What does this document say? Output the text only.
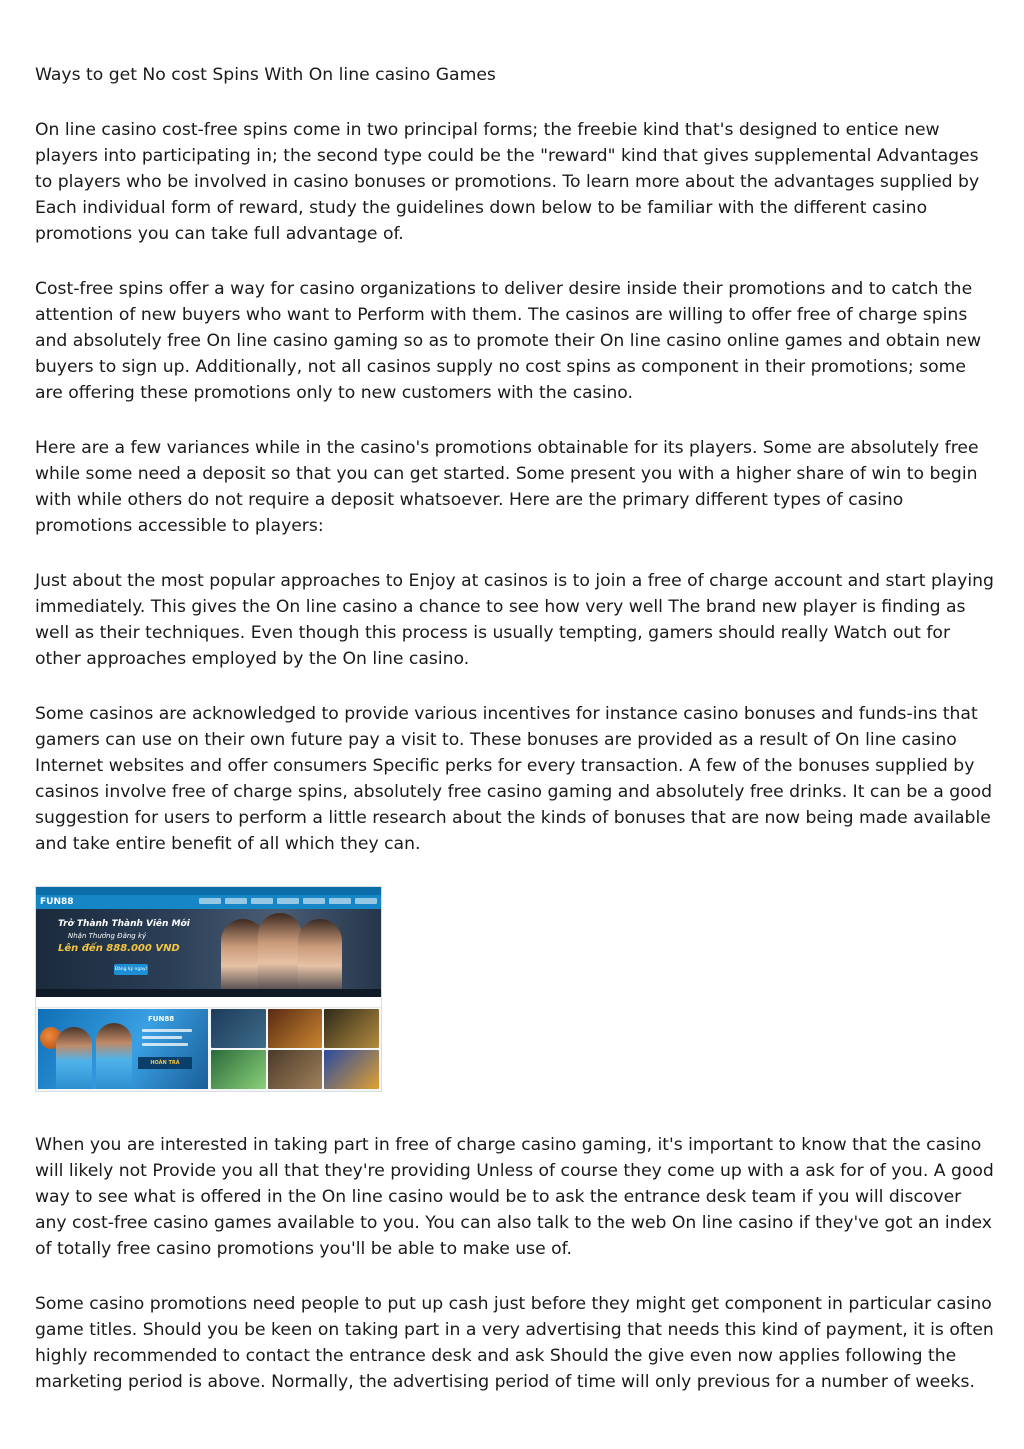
Ways to get No cost Spins With On line casino Games

On line casino cost-free spins come in two principal forms; the freebie kind that's designed to entice new players into participating in; the second type could be the "reward" kind that gives supplemental Advantages to players who be involved in casino bonuses or promotions. To learn more about the advantages supplied by Each individual form of reward, study the guidelines down below to be familiar with the different casino promotions you can take full advantage of.

Cost-free spins offer a way for casino organizations to deliver desire inside their promotions and to catch the attention of new buyers who want to Perform with them. The casinos are willing to offer free of charge spins and absolutely free On line casino gaming so as to promote their On line casino online games and obtain new buyers to sign up. Additionally, not all casinos supply no cost spins as component in their promotions; some are offering these promotions only to new customers with the casino.

Here are a few variances while in the casino's promotions obtainable for its players. Some are absolutely free while some need a deposit so that you can get started. Some present you with a higher share of win to begin with while others do not require a deposit whatsoever. Here are the primary different types of casino promotions accessible to players:

Just about the most popular approaches to Enjoy at casinos is to join a free of charge account and start playing immediately. This gives the On line casino a chance to see how very well The brand new player is finding as well as their techniques. Even though this process is usually tempting, gamers should really Watch out for other approaches employed by the On line casino.

Some casinos are acknowledged to provide various incentives for instance casino bonuses and funds-ins that gamers can use on their own future pay a visit to. These bonuses are provided as a result of On line casino Internet websites and offer consumers Specific perks for every transaction. A few of the bonuses supplied by casinos involve free of charge spins, absolutely free casino gaming and absolutely free drinks. It can be a good suggestion for users to perform a little research about the kinds of bonuses that are now being made available and take entire benefit of all which they can.

FUN88
Trở Thành Thành Viên Mới
Nhận Thưởng Đăng ký
Lên đến 888.000 VND
Đăng ký ngay!
FUN88
HOÀN TRẢ

When you are interested in taking part in free of charge casino gaming, it's important to know that the casino will likely not Provide you all that they're providing Unless of course they come up with a ask for of you. A good way to see what is offered in the On line casino would be to ask the entrance desk team if you will discover any cost-free casino games available to you. You can also talk to the web On line casino if they've got an index of totally free casino promotions you'll be able to make use of.

Some casino promotions need people to put up cash just before they might get component in particular casino game titles. Should you be keen on taking part in a very advertising that needs this kind of payment, it is often highly recommended to contact the entrance desk and ask Should the give even now applies following the marketing period is above. Normally, the advertising period of time will only previous for a number of weeks.
